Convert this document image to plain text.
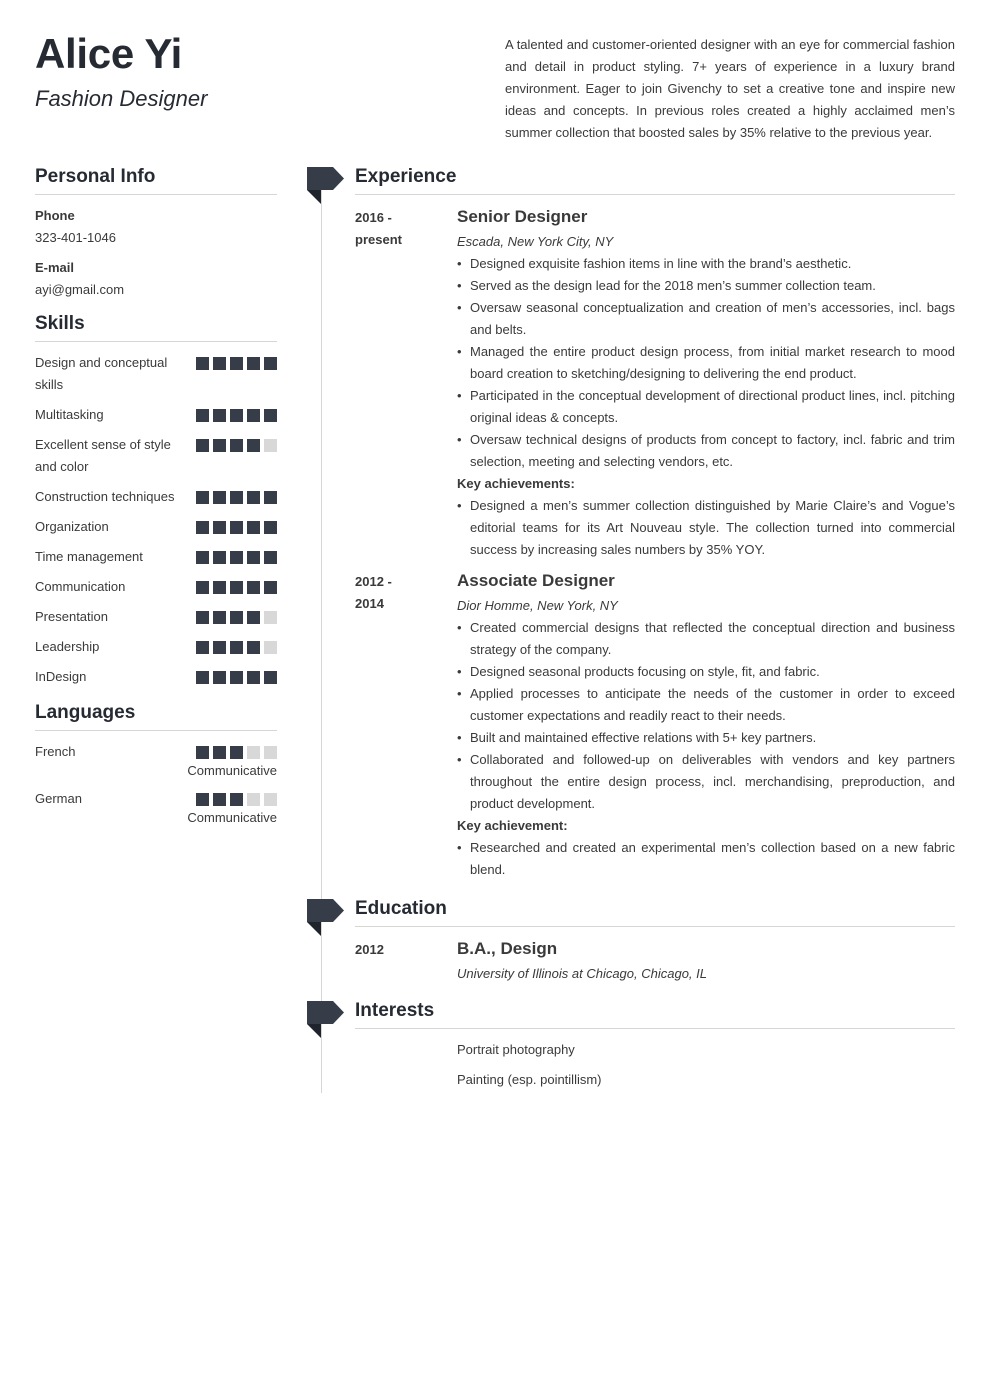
Alice Yi
Fashion Designer
A talented and customer-oriented designer with an eye for commercial fashion and detail in product styling. 7+ years of experience in a luxury brand environment. Eager to join Givenchy to set a creative tone and inspire new ideas and concepts. In previous roles created a highly acclaimed men’s summer collection that boosted sales by 35% relative to the previous year.
Personal Info
Phone
323-401-1046
E-mail
ayi@gmail.com
Skills
Design and conceptual skills
Multitasking
Excellent sense of style and color
Construction techniques
Organization
Time management
Communication
Presentation
Leadership
InDesign
Languages
French
Communicative
German
Communicative
Experience
2016 -
present
Senior Designer
Escada, New York City, NY
• Designed exquisite fashion items in line with the brand’s aesthetic.
• Served as the design lead for the 2018 men’s summer collection team.
• Oversaw seasonal conceptualization and creation of men’s accessories, incl. bags and belts.
• Managed the entire product design process, from initial market research to mood board creation to sketching/designing to delivering the end product.
• Participated in the conceptual development of directional product lines, incl. pitching original ideas & concepts.
• Oversaw technical designs of products from concept to factory, incl. fabric and trim selection, meeting and selecting vendors, etc.
Key achievements:
• Designed a men’s summer collection distinguished by Marie Claire’s and Vogue’s editorial teams for its Art Nouveau style. The collection turned into commercial success by increasing sales numbers by 35% YOY.
2012 -
2014
Associate Designer
Dior Homme, New York, NY
• Created commercial designs that reflected the conceptual direction and business strategy of the company.
• Designed seasonal products focusing on style, fit, and fabric.
• Applied processes to anticipate the needs of the customer in order to exceed customer expectations and readily react to their needs.
• Built and maintained effective relations with 5+ key partners.
• Collaborated and followed-up on deliverables with vendors and key partners throughout the entire design process, incl. merchandising, preproduction, and product development.
Key achievement:
• Researched and created an experimental men’s collection based on a new fabric blend.
Education
2012	B.A., Design
University of Illinois at Chicago, Chicago, IL
Interests
Portrait photography
Painting (esp. pointillism)
